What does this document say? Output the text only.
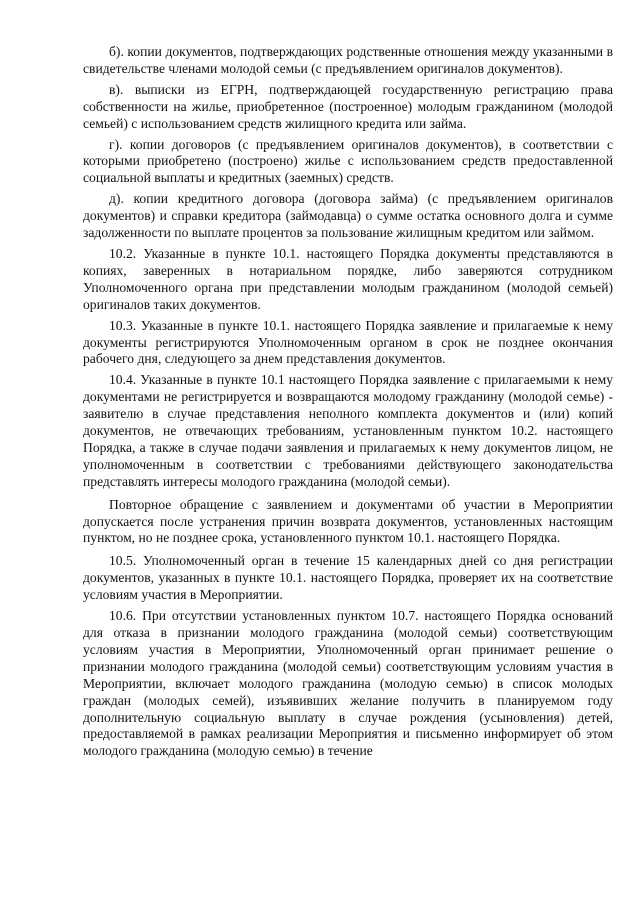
б). копии документов, подтверждающих родственные отношения между указанными в свидетельстве членами молодой семьи (с предъявлением оригиналов документов).

в). выписки из ЕГРН, подтверждающей государственную регистрацию права собственности на жилье, приобретенное (построенное) молодым гражданином (молодой семьей) с использованием средств жилищного кредита или займа.

г). копии договоров (с предъявлением оригиналов документов), в соответствии с которыми приобретено (построено) жилье с использованием средств предоставленной социальной выплаты и кредитных (заемных) средств.

д). копии кредитного договора (договора займа) (с предъявлением оригиналов документов) и справки кредитора (займодавца) о сумме остатка основного долга и сумме задолженности по выплате процентов за пользование жилищным кредитом или займом.

10.2. Указанные в пункте 10.1. настоящего Порядка документы представляются в копиях, заверенных в нотариальном порядке, либо заверяются сотрудником Уполномоченного органа при представлении молодым гражданином (молодой семьей) оригиналов таких документов.

10.3. Указанные в пункте 10.1. настоящего Порядка заявление и прилагаемые к нему документы регистрируются Уполномоченным органом в срок не позднее окончания рабочего дня, следующего за днем представления документов.

10.4. Указанные в пункте 10.1 настоящего Порядка заявление с прилагаемыми к нему документами не регистрируется и возвращаются молодому гражданину (молодой семье) - заявителю в случае представления неполного комплекта документов и (или) копий документов, не отвечающих требованиям, установленным пунктом 10.2. настоящего Порядка, а также в случае подачи заявления и прилагаемых к нему документов лицом, не уполномоченным в соответствии с требованиями действующего законодательства представлять интересы молодого гражданина (молодой семьи).

Повторное обращение с заявлением и документами об участии в Мероприятии допускается после устранения причин возврата документов, установленных настоящим пунктом, но не позднее срока, установленного пунктом 10.1. настоящего Порядка.

10.5. Уполномоченный орган в течение 15 календарных дней со дня регистрации документов, указанных в пункте 10.1. настоящего Порядка, проверяет их на соответствие условиям участия в Мероприятии.

10.6. При отсутствии установленных пунктом 10.7. настоящего Порядка оснований для отказа в признании молодого гражданина (молодой семьи) соответствующим условиям участия в Мероприятии, Уполномоченный орган принимает решение о признании молодого гражданина (молодой семьи) соответствующим условиям участия в Мероприятии, включает молодого гражданина (молодую семью) в список молодых граждан (молодых семей), изъявивших желание получить в планируемом году дополнительную социальную выплату в случае рождения (усыновления) детей, предоставляемой в рамках реализации Мероприятия и письменно информирует об этом молодого гражданина (молодую семью) в течение
